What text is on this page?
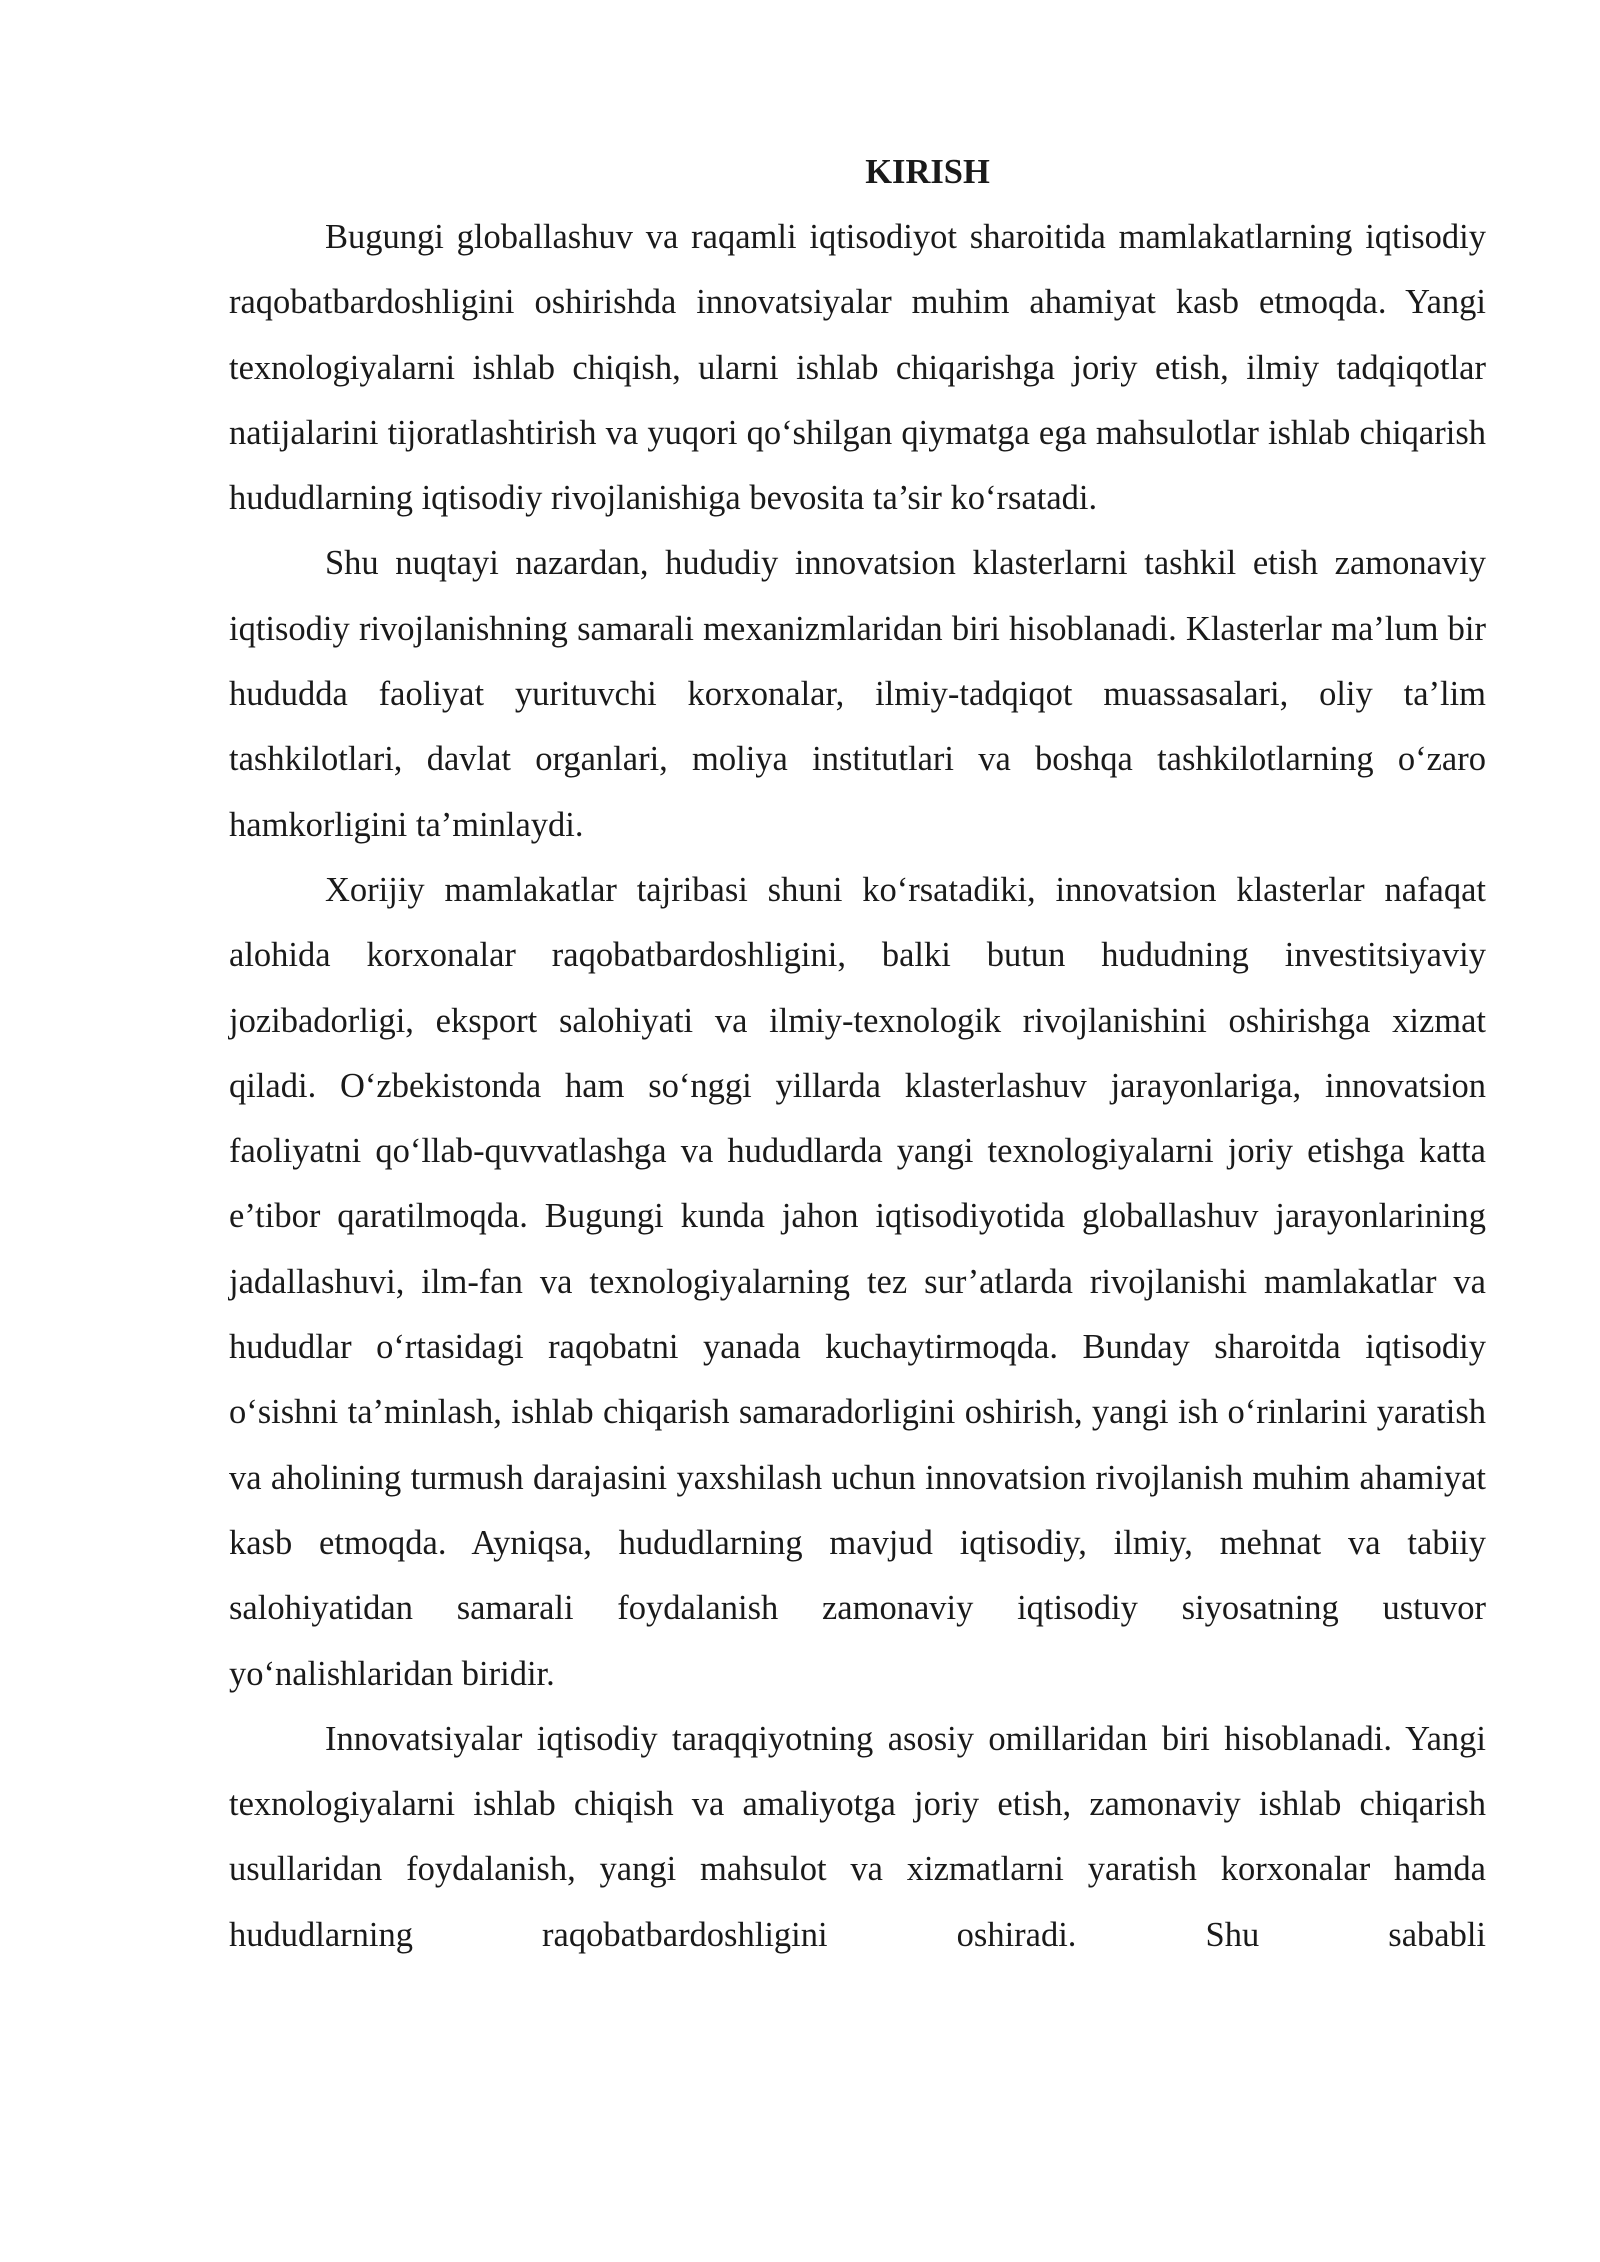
KIRISH

Bugungi globallashuv va raqamli iqtisodiyot sharoitida mamlakatlarning iqtisodiy raqobatbardoshligini oshirishda innovatsiyalar muhim ahamiyat kasb etmoqda. Yangi texnologiyalarni ishlab chiqish, ularni ishlab chiqarishga joriy etish, ilmiy tadqiqotlar natijalarini tijoratlashtirish va yuqori qo‘shilgan qiymatga ega mahsulotlar ishlab chiqarish hududlarning iqtisodiy rivojlanishiga bevosita ta’sir ko‘rsatadi.

Shu nuqtayi nazardan, hududiy innovatsion klasterlarni tashkil etish zamonaviy iqtisodiy rivojlanishning samarali mexanizmlaridan biri hisoblanadi. Klasterlar ma’lum bir hududda faoliyat yurituvchi korxonalar, ilmiy-tadqiqot muassasalari, oliy ta’lim tashkilotlari, davlat organlari, moliya institutlari va boshqa tashkilotlarning o‘zaro hamkorligini ta’minlaydi.

Xorijiy mamlakatlar tajribasi shuni ko‘rsatadiki, innovatsion klasterlar nafaqat alohida korxonalar raqobatbardoshligini, balki butun hududning investitsiyaviy jozibadorligi, eksport salohiyati va ilmiy-texnologik rivojlanishini oshirishga xizmat qiladi. O‘zbekistonda ham so‘nggi yillarda klasterlashuv jarayonlariga, innovatsion faoliyatni qo‘llab-quvvatlashga va hududlarda yangi texnologiyalarni joriy etishga katta e’tibor qaratilmoqda. Bugungi kunda jahon iqtisodiyotida globallashuv jarayonlarining jadallashuvi, ilm-fan va texnologiyalarning tez sur’atlarda rivojlanishi mamlakatlar va hududlar o‘rtasidagi raqobatni yanada kuchaytirmoqda. Bunday sharoitda iqtisodiy o‘sishni ta’minlash, ishlab chiqarish samaradorligini oshirish, yangi ish o‘rinlarini yaratish va aholining turmush darajasini yaxshilash uchun innovatsion rivojlanish muhim ahamiyat kasb etmoqda. Ayniqsa, hududlarning mavjud iqtisodiy, ilmiy, mehnat va tabiiy salohiyatidan samarali foydalanish zamonaviy iqtisodiy siyosatning ustuvor yo‘nalishlaridan biridir.

Innovatsiyalar iqtisodiy taraqqiyotning asosiy omillaridan biri hisoblanadi. Yangi texnologiyalarni ishlab chiqish va amaliyotga joriy etish, zamonaviy ishlab chiqarish usullaridan foydalanish, yangi mahsulot va xizmatlarni yaratish korxonalar hamda hududlarning raqobatbardoshligini oshiradi. Shu sababli
